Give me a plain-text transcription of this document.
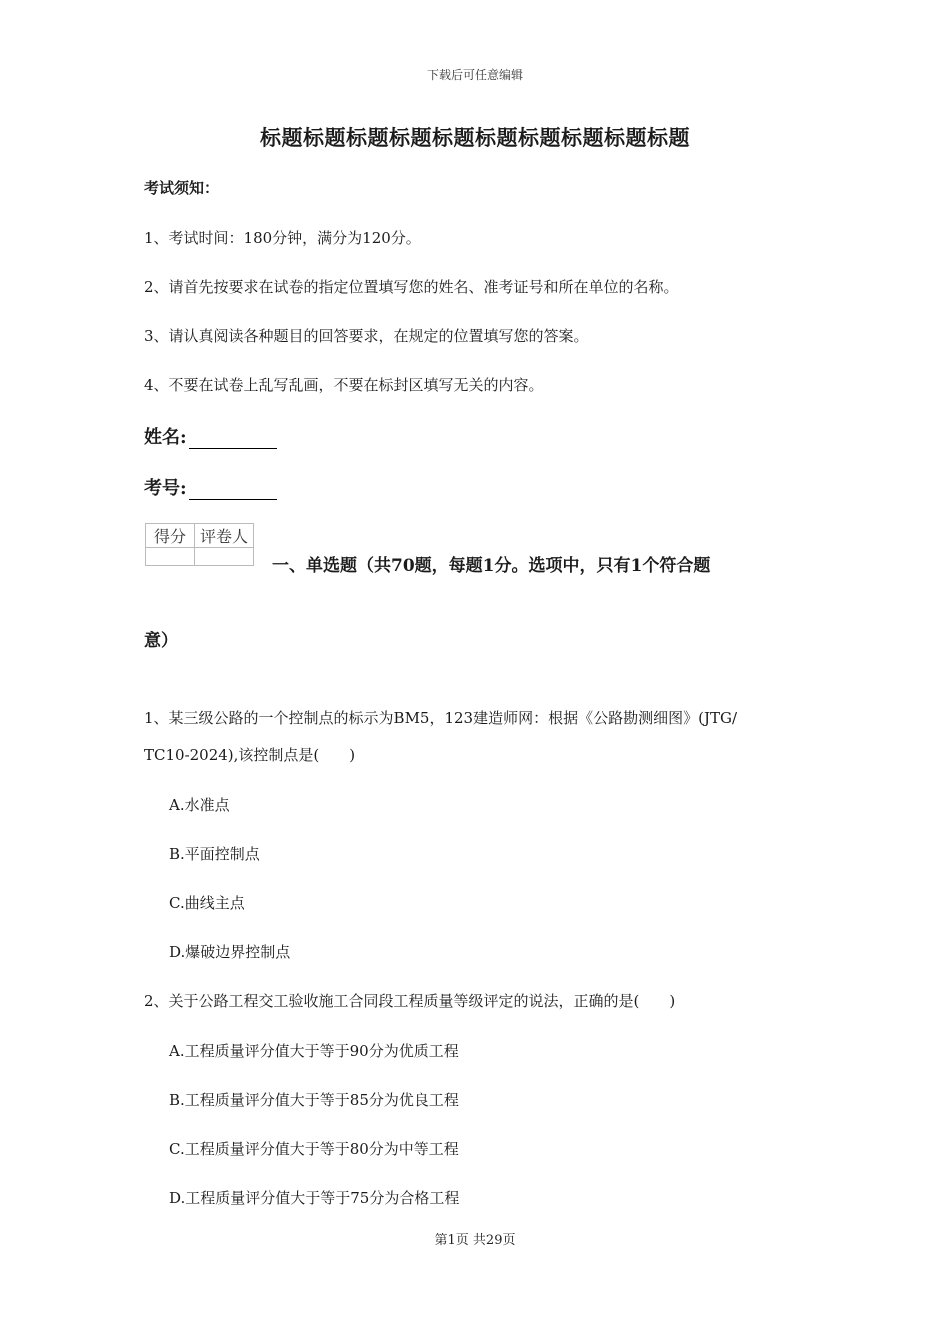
下载后可任意编辑
标题标题标题标题标题标题标题标题标题标题
考试须知：
1、考试时间：180分钟，满分为120分。
2、请首先按要求在试卷的指定位置填写您的姓名、准考证号和所在单位的名称。
3、请认真阅读各种题目的回答要求，在规定的位置填写您的答案。
4、不要在试卷上乱写乱画，不要在标封区填写无关的内容。
姓名:
考号:
得分	评卷人

一、单选题（共70题，每题1分。选项中，只有1个符合题
意）
1、某三级公路的一个控制点的标示为BM5，123建造师网：根据《公路勘测细图》(JTG/
TC10-2024),该控制点是(　　)
A.水准点
B.平面控制点
C.曲线主点
D.爆破边界控制点
2、关于公路工程交工验收施工合同段工程质量等级评定的说法，正确的是(　　)
A.工程质量评分值大于等于90分为优质工程
B.工程质量评分值大于等于85分为优良工程
C.工程质量评分值大于等于80分为中等工程
D.工程质量评分值大于等于75分为合格工程
第1页 共29页
